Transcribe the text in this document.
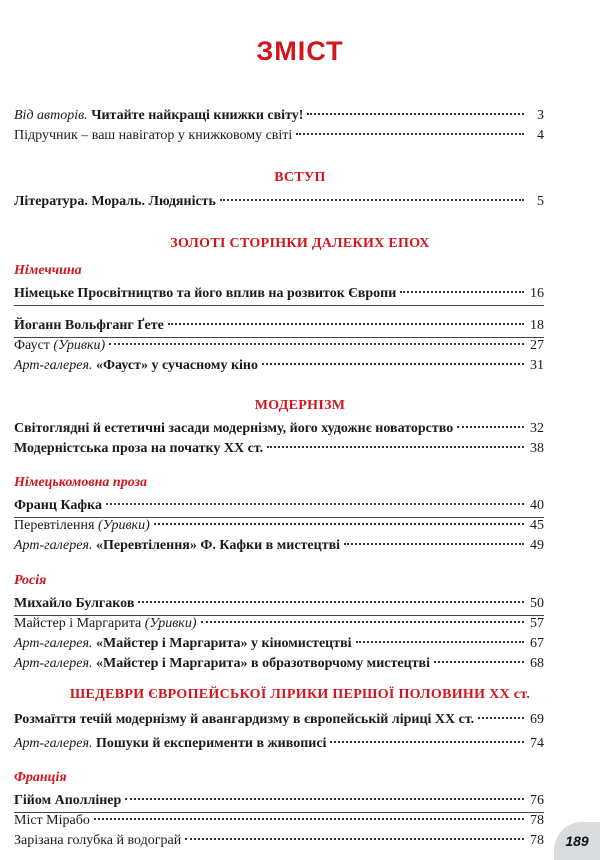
ЗМІСТ
189
Від авторів. Читайте найкращі книжки світу!	3
Підручник – ваш навігатор у книжковому світі	4
ВСТУП
Література. Мораль. Людяність	5
ЗОЛОТІ СТОРІНКИ ДАЛЕКИХ ЕПОХ
Німеччина
Німецьке Просвітництво та його вплив на розвиток Європи	16
Йоганн Вольфганг Ґете	18
Фауст (Уривки)	27
Арт-галерея. «Фауст» у сучасному кіно	31
МОДЕРНІЗМ
Світоглядні й естетичні засади модернізму, його художнє новаторство	32
Модерністська проза на початку XX ст.	38
Німецькомовна проза
Франц Кафка	40
Перевтілення (Уривки)	45
Арт-галерея. «Перевтілення» Ф. Кафки в мистецтві	49
Росія
Михайло Булгаков	50
Майстер і Маргарита (Уривки)	57
Арт-галерея. «Майстер і Маргарита» у кіномистецтві	67
Арт-галерея. «Майстер і Маргарита» в образотворчому мистецтві	68
ШЕДЕВРИ ЄВРОПЕЙСЬКОЇ ЛІРИКИ ПЕРШОЇ ПОЛОВИНИ XX ст.
Розмаїття течій модернізму й авангардизму в європейській ліриці XX ст.	69
Арт-галерея. Пошуки й експерименти в живописі	74
Франція
Гійом Аполлінер	76
Міст Мірабо	78
Зарізана голубка й водограй	78
